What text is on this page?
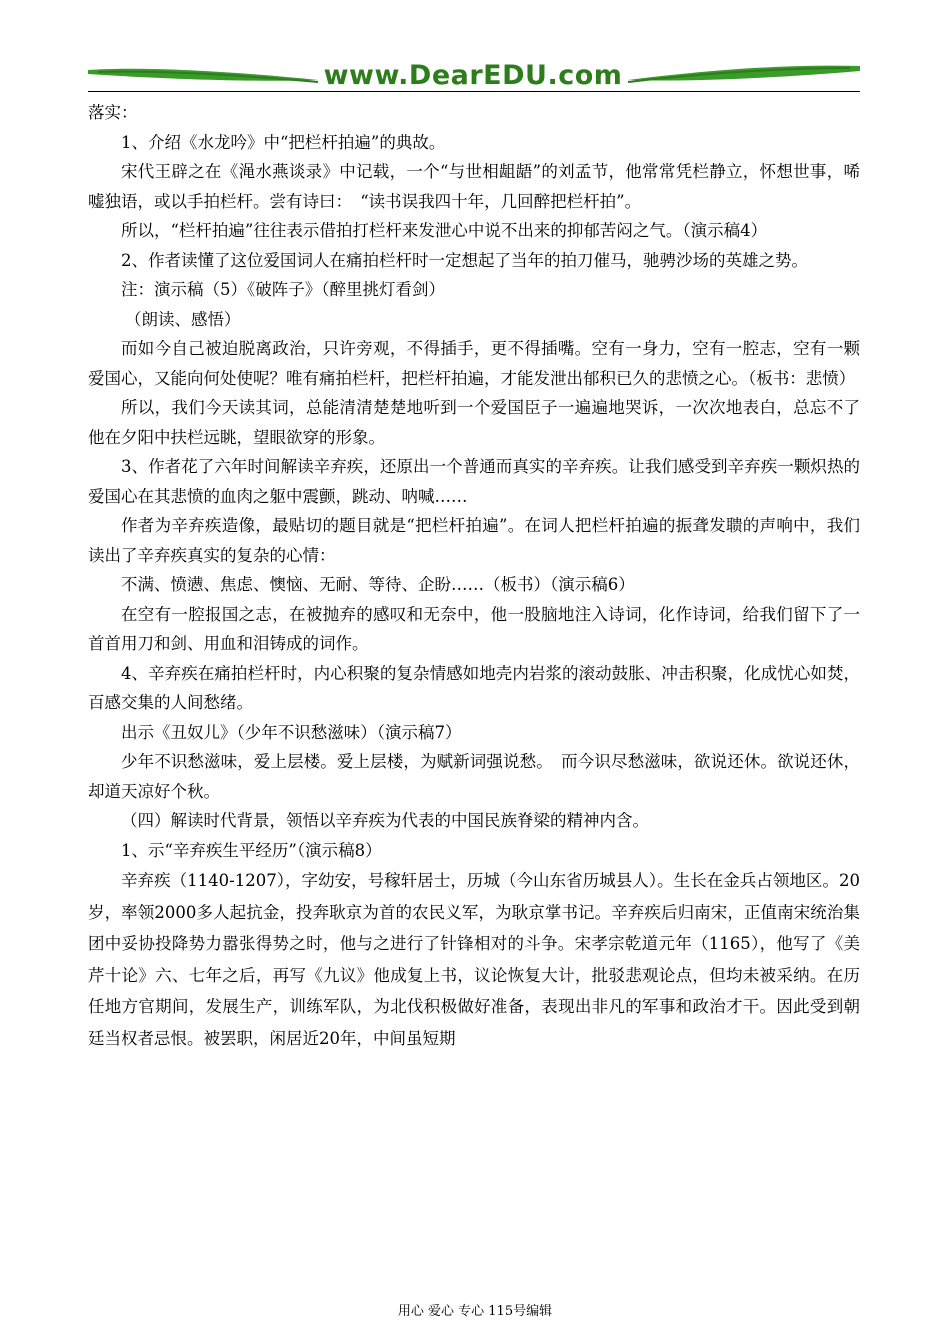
www.DearEDU.com

落实：

1、介绍《水龙吟》中“把栏杆拍遍”的典故。

宋代王辟之在《渑水燕谈录》中记载，一个“与世相龃龉”的刘孟节，他常常凭栏静立，怀想世事，唏嘘独语，或以手拍栏杆。尝有诗曰：　“读书误我四十年，几回醉把栏杆拍”。

所以，“栏杆拍遍”往往表示借拍打栏杆来发泄心中说不出来的抑郁苦闷之气。（演示稿4）

2、作者读懂了这位爱国词人在痛拍栏杆时一定想起了当年的拍刀催马，驰骋沙场的英雄之势。

注：演示稿（5）《破阵子》（醉里挑灯看剑）

（朗读、感悟）

而如今自己被迫脱离政治，只许旁观，不得插手，更不得插嘴。空有一身力，空有一腔志，空有一颗爱国心，又能向何处使呢？唯有痛拍栏杆，把栏杆拍遍，才能发泄出郁积已久的悲愤之心。（板书：悲愤）

所以，我们今天读其词，总能清清楚楚地听到一个爱国臣子一遍遍地哭诉，一次次地表白，总忘不了他在夕阳中扶栏远眺，望眼欲穿的形象。

3、作者花了六年时间解读辛弃疾，还原出一个普通而真实的辛弃疾。让我们感受到辛弃疾一颗炽热的爱国心在其悲愤的血肉之躯中震颤，跳动、呐喊……

作者为辛弃疾造像，最贴切的题目就是“把栏杆拍遍”。在词人把栏杆拍遍的振聋发聩的声响中，我们读出了辛弃疾真实的复杂的心情：

不满、愤懑、焦虑、懊恼、无耐、等待、企盼……（板书）（演示稿6）

在空有一腔报国之志，在被抛弃的感叹和无奈中，他一股脑地注入诗词，化作诗词，给我们留下了一首首用刀和剑、用血和泪铸成的词作。

4、辛弃疾在痛拍栏杆时，内心积聚的复杂情感如地壳内岩浆的滚动鼓胀、冲击积聚，化成忧心如焚，百感交集的人间愁绪。

出示《丑奴儿》（少年不识愁滋味）（演示稿7）

少年不识愁滋味，爱上层楼。爱上层楼，为赋新词强说愁。　而今识尽愁滋味，欲说还休。欲说还休，却道天凉好个秋。

（四）解读时代背景，领悟以辛弃疾为代表的中国民族脊梁的精神内含。

1、示“辛弃疾生平经历”（演示稿8）

辛弃疾（1140-1207），字幼安，号稼轩居士，历城（今山东省历城县人）。生长在金兵占领地区。20岁，率领2000多人起抗金，投奔耿京为首的农民义军，为耿京掌书记。辛弃疾后归南宋，正值南宋统治集团中妥协投降势力嚣张得势之时，他与之进行了针锋相对的斗争。宋孝宗乾道元年（1165），他写了《美芹十论》六、七年之后，再写《九议》他成复上书，议论恢复大计，批驳悲观论点，但均未被采纳。在历任地方官期间，发展生产，训练军队，为北伐积极做好准备，表现出非凡的军事和政治才干。因此受到朝廷当权者忌恨。被罢职，闲居近20年，中间虽短期

用心 爱心 专心 115号编辑
